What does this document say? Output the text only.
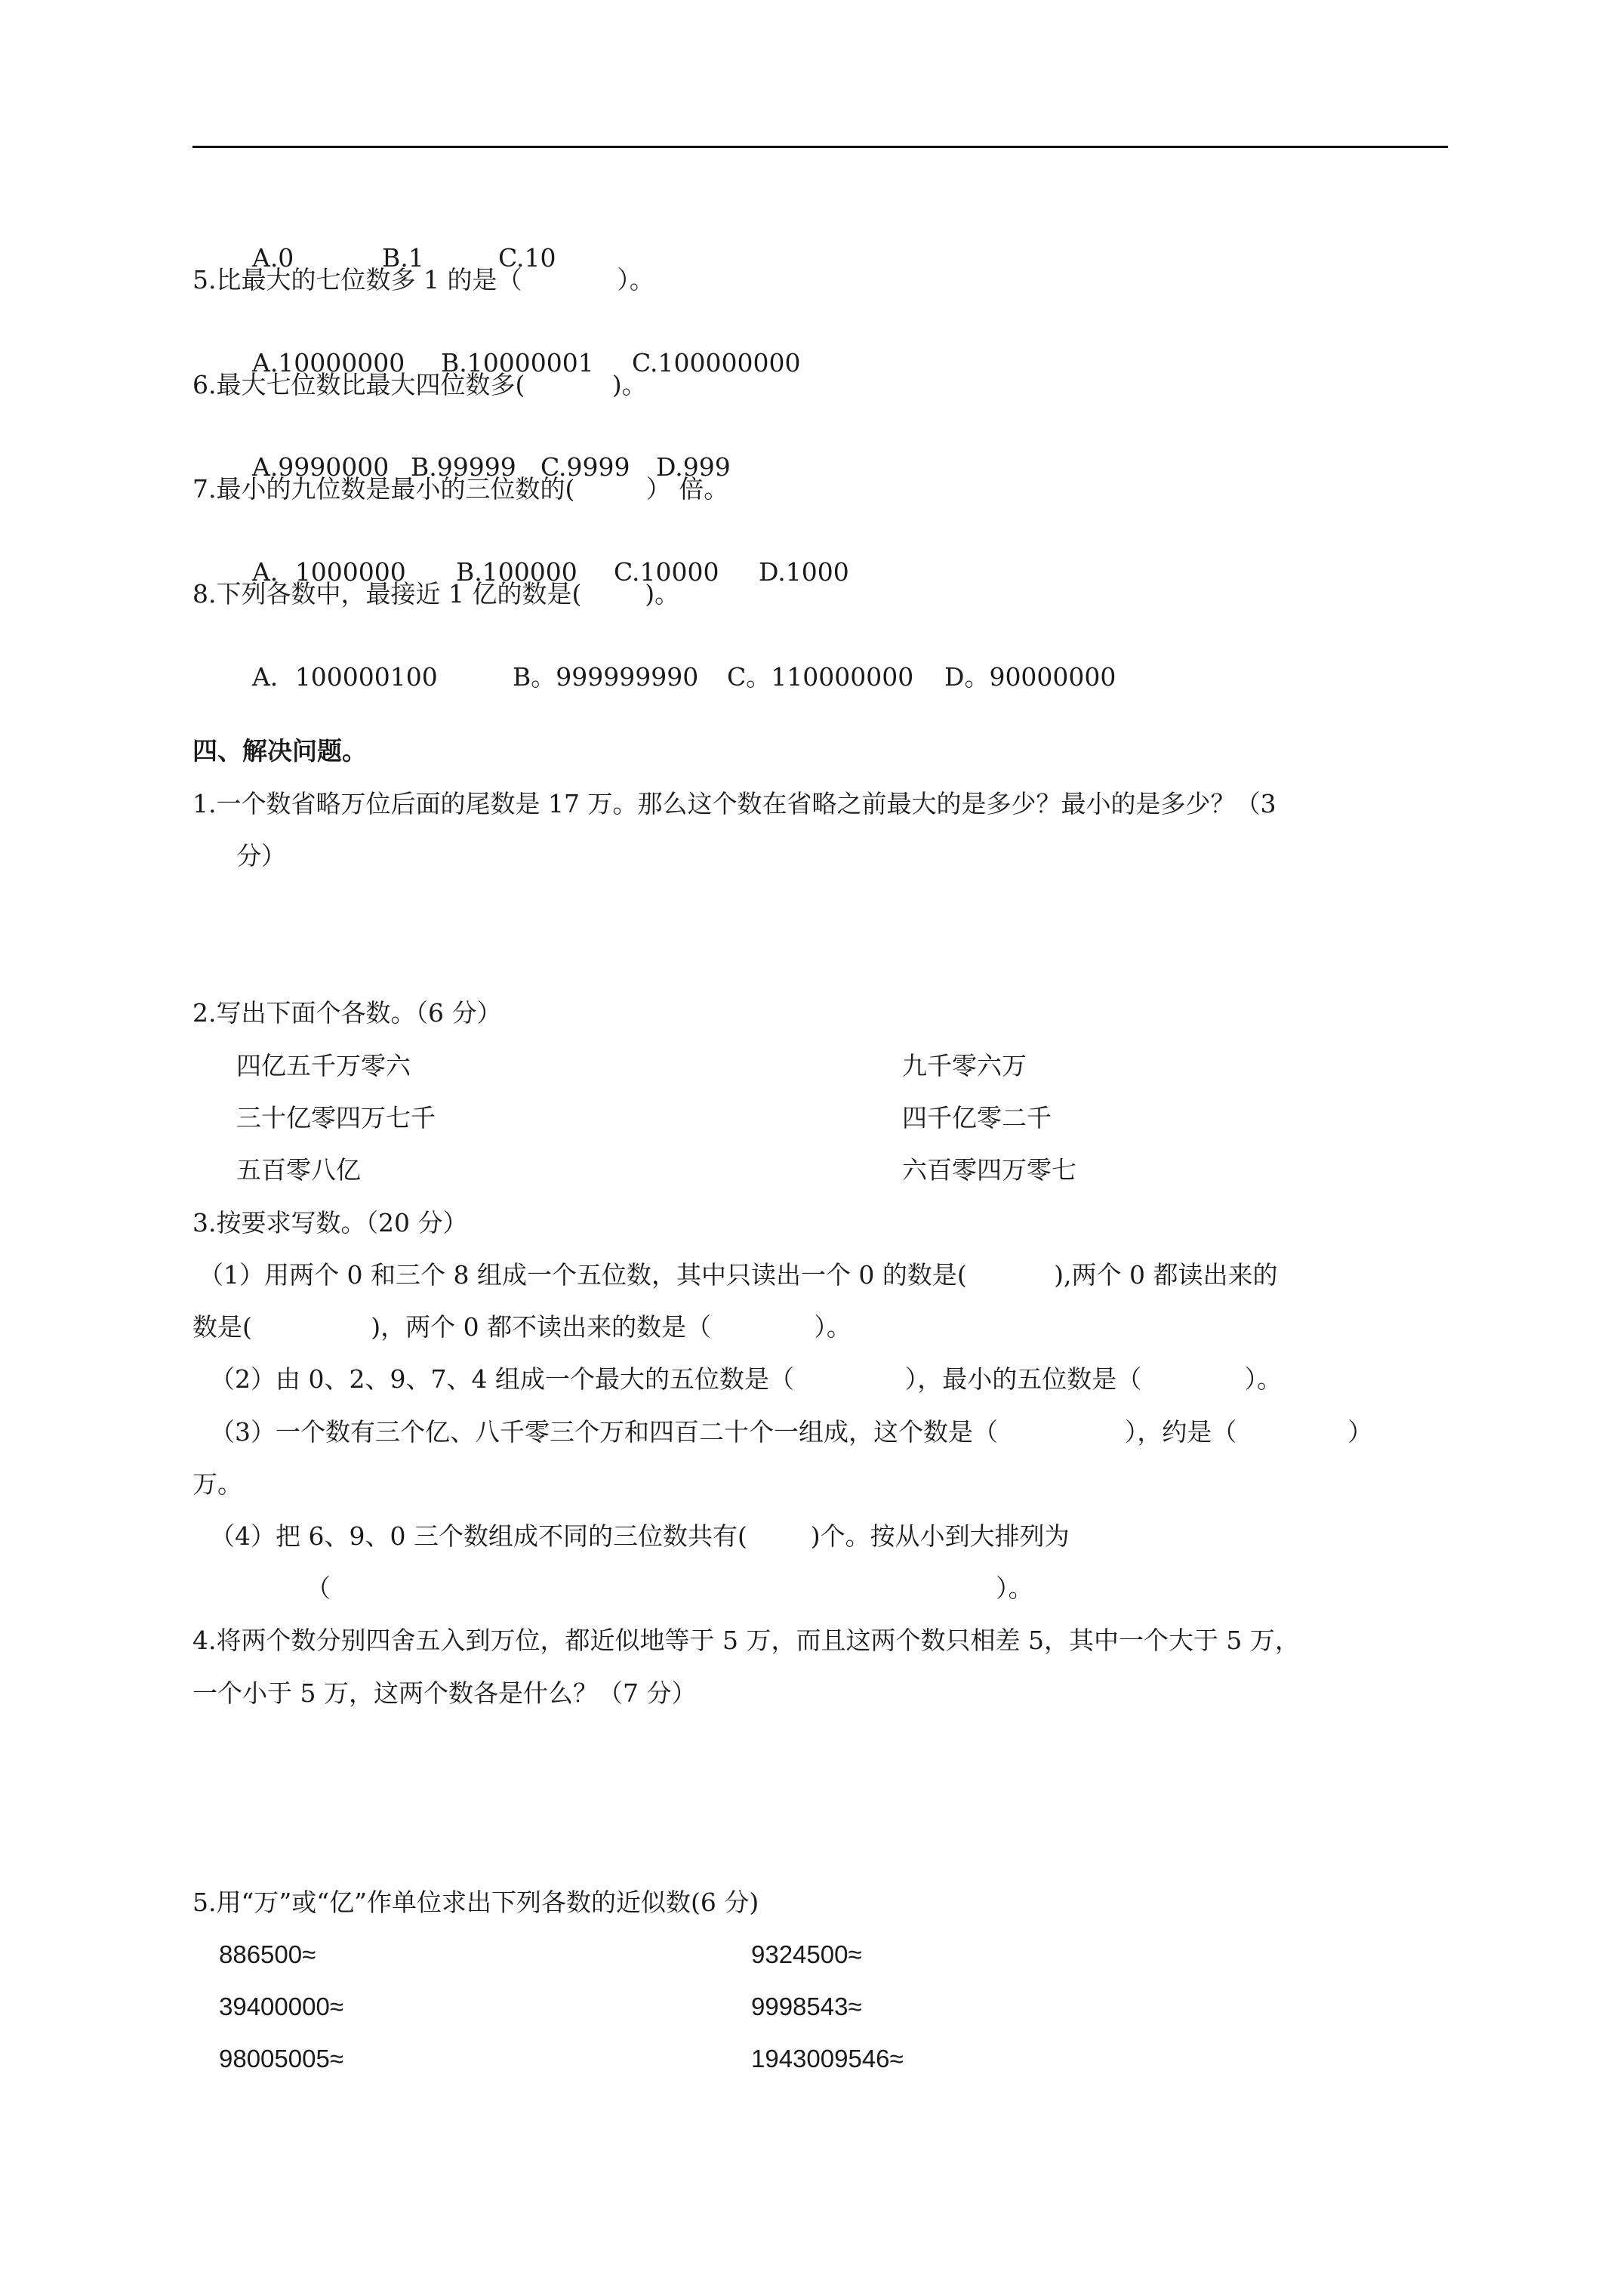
A.0	B.1	C.10

5.比最大的七位数多 1 的是（            ）。

A.10000000 B.10000001 C.100000000

6.最大七位数比最大四位数多(           )。

A.9990000 B.99999 C.9999 D.999

7.最小的九位数是最小的三位数的(         ） 倍。

A．1000000 B.100000 C.10000 D.1000

8.下列各数中，最接近 1 亿的数是(        )。

A．100000100	B。999999990 C。110000000 D。90000000

四、解决问题。
1.一个数省略万位后面的尾数是 17 万。那么这个数在省略之前最大的是多少？最小的是多少？（3
分）
2.写出下面个各数。（6 分）
四亿五千万零六	九千零六万
三十亿零四万七千	四千亿零二千
五百零八亿	六百零四万零七
3.按要求写数。（20 分）
（1）用两个 0 和三个 8 组成一个五位数，其中只读出一个 0 的数是(           ),两个 0 都读出来的
数是(               )，两个 0 都不读出来的数是（             ）。
（2）由 0、2、9、7、4 组成一个最大的五位数是（              ），最小的五位数是（             ）。
（3）一个数有三个亿、八千零三个万和四百二十个一组成，这个数是（                ），约是（              ）
万。
（4）把 6、9、0 三个数组成不同的三位数共有(        )个。按从小到大排列为
（                                                                                    ）。
4.将两个数分别四舍五入到万位，都近似地等于 5 万，而且这两个数只相差 5，其中一个大于 5 万，
一个小于 5 万，这两个数各是什么？（7 分）
5.用“万”或“亿”作单位求出下列各数的近似数(6 分)
886500≈	9324500≈
39400000≈	9998543≈
98005005≈	1943009546≈
